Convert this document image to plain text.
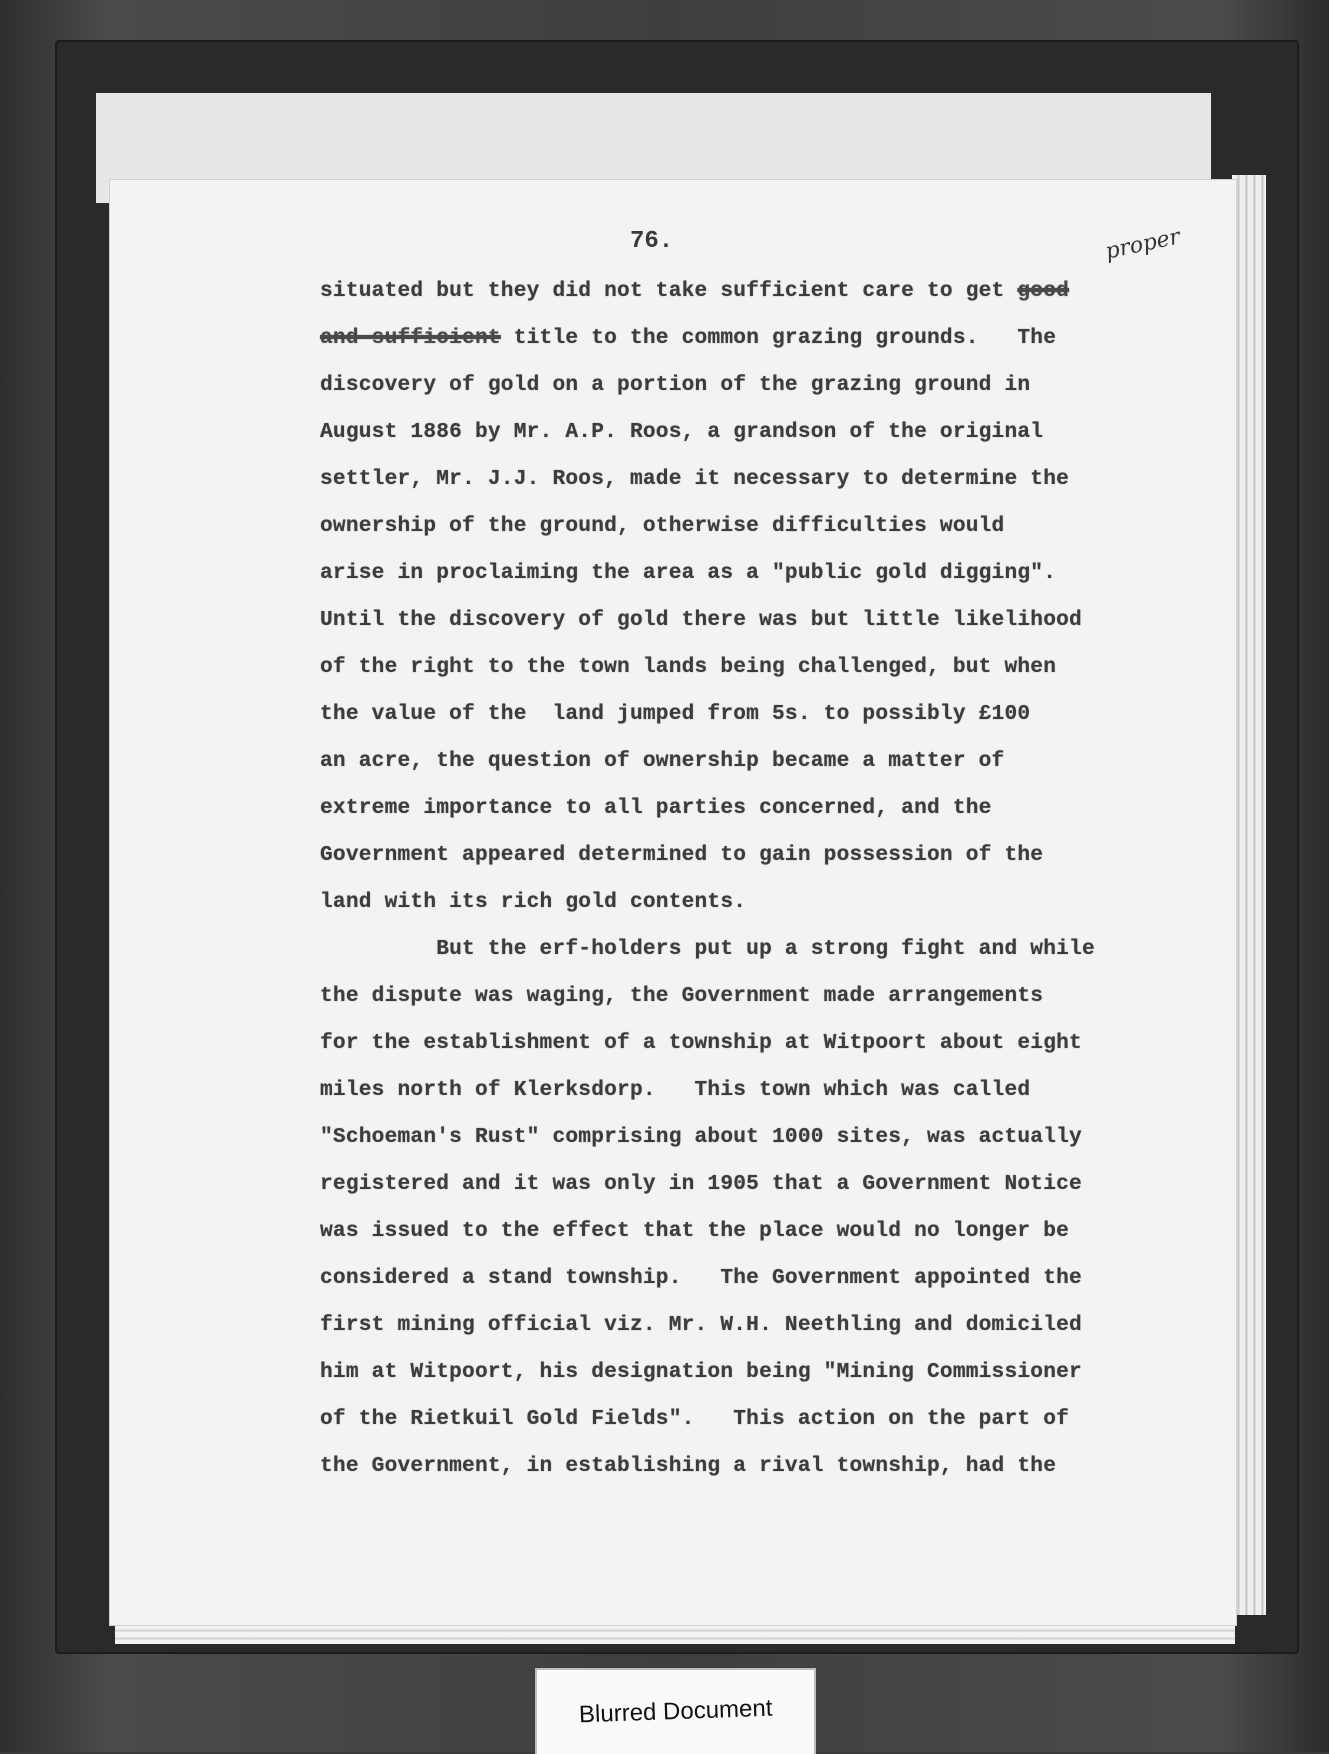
76.	proper
situated but they did not take sufficient care to get good
and sufficient title to the common grazing grounds.   The
discovery of gold on a portion of the grazing ground in
August 1886 by Mr. A.P. Roos, a grandson of the original
settler, Mr. J.J. Roos, made it necessary to determine the
ownership of the ground, otherwise difficulties would
arise in proclaiming the area as a "public gold digging".
Until the discovery of gold there was but little likelihood
of the right to the town lands being challenged, but when
the value of the  land jumped from 5s. to possibly £100
an acre, the question of ownership became a matter of
extreme importance to all parties concerned, and the
Government appeared determined to gain possession of the
land with its rich gold contents.
But the erf-holders put up a strong fight and while
the dispute was waging, the Government made arrangements
for the establishment of a township at Witpoort about eight
miles north of Klerksdorp.   This town which was called
"Schoeman's Rust" comprising about 1000 sites, was actually
registered and it was only in 1905 that a Government Notice
was issued to the effect that the place would no longer be
considered a stand township.   The Government appointed the
first mining official viz. Mr. W.H. Neethling and domiciled
him at Witpoort, his designation being "Mining Commissioner
of the Rietkuil Gold Fields".   This action on the part of
the Government, in establishing a rival township, had the
Blurred Document
